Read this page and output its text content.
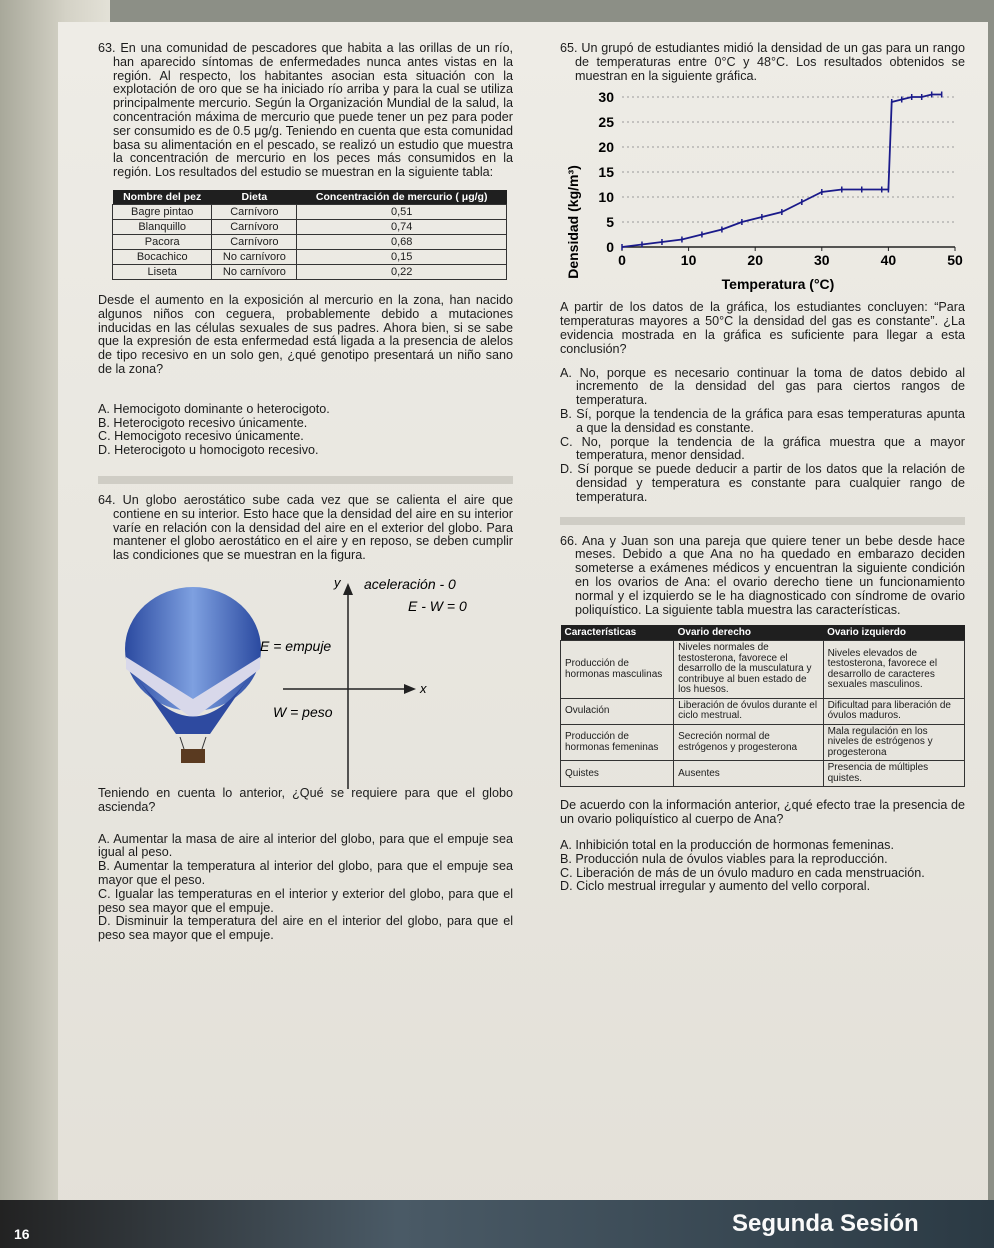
63. En una comunidad de pescadores que habita a las orillas de un río, han aparecido síntomas de enfermedades nunca antes vistas en la región. Al respecto, los habitantes asocian esta situación con la explotación de oro que se ha iniciado río arriba y para la cual se utiliza principalmente mercurio. Según la Organización Mundial de la salud, la concentración máxima de mercurio que puede tener un pez para poder ser consumido es de 0.5 μg/g. Teniendo en cuenta que esta comunidad basa su alimentación en el pescado, se realizó un estudio que muestra la concentración de mercurio en los peces más consumidos en la región. Los resultados del estudio se muestran en la siguiente tabla:

Nombre del pez	Dieta	Concentración de mercurio ( μg/g)
Bagre pintao	Carnívoro	0,51
Blanquillo	Carnívoro	0,74
Pacora	Carnívoro	0,68
Bocachico	No carnívoro	0,15
Liseta	No carnívoro	0,22

Desde el aumento en la exposición al mercurio en la zona, han nacido algunos niños con ceguera, probablemente debido a mutaciones inducidas en las células sexuales de sus padres. Ahora bien, si se sabe que la expresión de esta enfermedad está ligada a la presencia de alelos de tipo recesivo en un solo gen, ¿qué genotipo presentará un niño sano de la zona?

A. Hemocigoto dominante o heterocigoto.
B. Heterocigoto recesivo únicamente.
C. Hemocigoto recesivo únicamente.
D. Heterocigoto u homocigoto recesivo.

64. Un globo aerostático sube cada vez que se calienta el aire que contiene en su interior. Esto hace que la densidad del aire en su interior varíe en relación con la densidad del aire en el exterior del globo. Para mantener el globo aerostático en el aire y en reposo, se deben cumplir las condiciones que se muestran en la figura.

y aceleración - 0
E - W = 0
E = empuje
x
W = peso

Teniendo en cuenta lo anterior, ¿Qué se requiere para que el globo ascienda?

A. Aumentar la masa de aire al interior del globo, para que el empuje sea igual al peso.
B. Aumentar la temperatura al interior del globo, para que el empuje sea mayor que el peso.
C. Igualar las temperaturas en el interior y exterior del globo, para que el peso sea mayor que el empuje.
D. Disminuir la temperatura del aire en el interior del globo, para que el peso sea mayor que el empuje.

65. Un grupó de estudiantes midió la densidad de un gas para un rango de temperaturas entre 0°C y 48°C. Los resultados obtenidos se muestran en la siguiente gráfica.

Densidad (kg/m³)
Temperatura (°C)
0
5
10
15
20
25
30
0	10	20	30	40	50

A partir de los datos de la gráfica, los estudiantes concluyen: “Para temperaturas mayores a 50°C la densidad del gas es constante”. ¿La evidencia mostrada en la gráfica es suficiente para llegar a esta conclusión?

A. No, porque es necesario continuar la toma de datos debido al incremento de la densidad del gas para ciertos rangos de temperatura.
B. Sí, porque la tendencia de la gráfica para esas temperaturas apunta a que la densidad es constante.
C. No, porque la tendencia de la gráfica muestra que a mayor temperatura, menor densidad.
D. Sí porque se puede deducir a partir de los datos que la relación de densidad y temperatura es constante para cualquier rango de temperatura.

66. Ana y Juan son una pareja que quiere tener un bebe desde hace meses. Debido a que Ana no ha quedado en embarazo deciden someterse a exámenes médicos y encuentran la siguiente condición en los ovarios de Ana: el ovario derecho tiene un funcionamiento normal y el izquierdo se le ha diagnosticado con síndrome de ovario poliquístico. La siguiente tabla muestra las características.

Características	Ovario derecho	Ovario izquierdo
Producción de hormonas masculinas	Niveles normales de testosterona, favorece el desarrollo de la musculatura y contribuye al buen estado de los huesos.	Niveles elevados de testosterona, favorece el desarrollo de caracteres sexuales masculinos.
Ovulación	Liberación de óvulos durante el ciclo mestrual.	Dificultad para liberación de óvulos maduros.
Producción de hormonas femeninas	Secreción normal de estrógenos y progesterona	Mala regulación en los niveles de estrógenos y progesterona
Quistes	Ausentes	Presencia de múltiples quistes.

De acuerdo con la información anterior, ¿qué efecto trae la presencia de un ovario poliquístico al cuerpo de Ana?

A. Inhibición total en la producción de hormonas femeninas.
B. Producción nula de óvulos viables para la reproducción.
C. Liberación de más de un óvulo maduro en cada menstruación.
D. Ciclo mestrual irregular y aumento del vello corporal.
16	Segunda Sesión
